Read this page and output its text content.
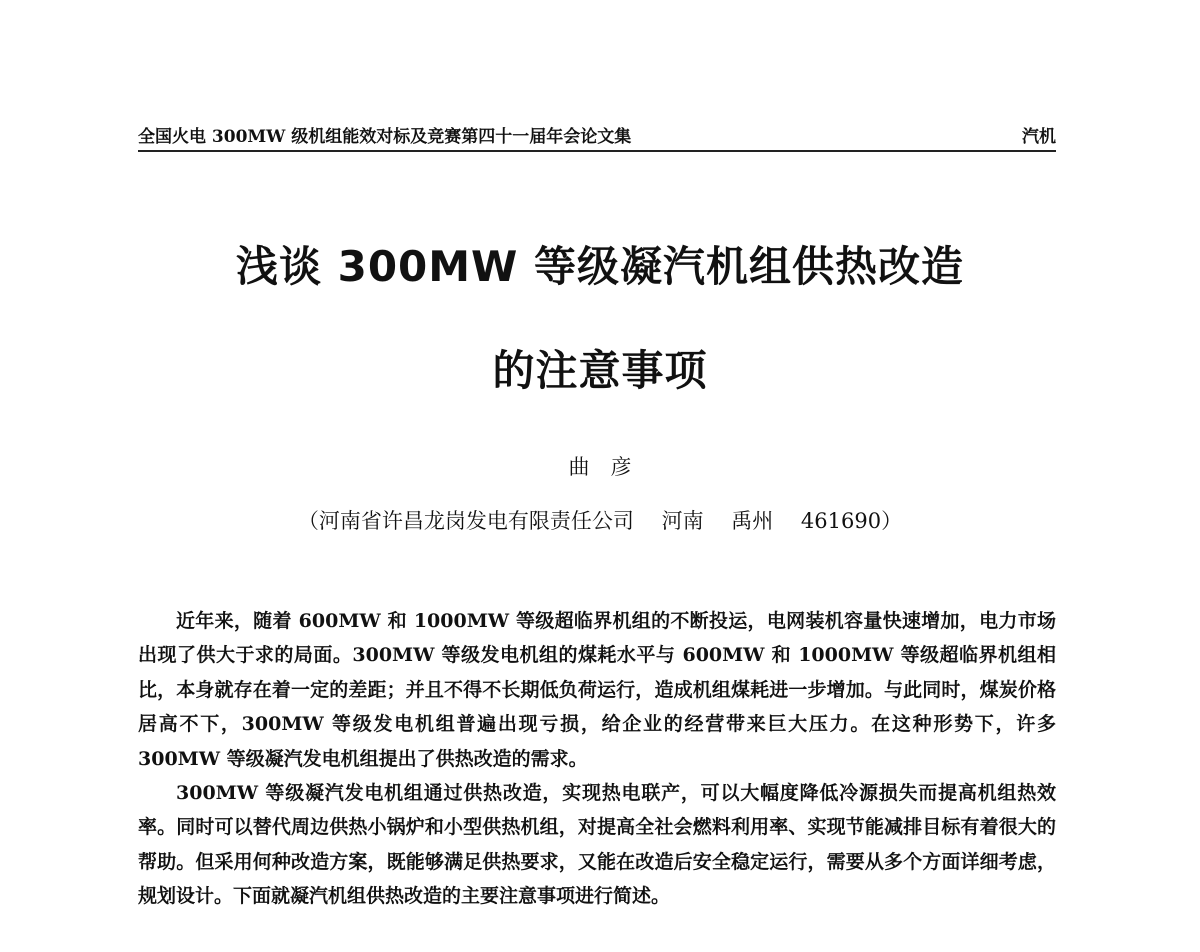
全国火电 300MW 级机组能效对标及竞赛第四十一届年会论文集	汽机
浅谈 300MW 等级凝汽机组供热改造
的注意事项
曲　彦
（河南省许昌龙岗发电有限责任公司　 河南　 禹州　 461690）

近年来，随着 600MW 和 1000MW 等级超临界机组的不断投运，电网装机容量快速增加，电力市场出现了供大于求的局面。300MW 等级发电机组的煤耗水平与 600MW 和 1000MW 等级超临界机组相比，本身就存在着一定的差距；并且不得不长期低负荷运行，造成机组煤耗进一步增加。与此同时，煤炭价格居高不下，300MW 等级发电机组普遍出现亏损，给企业的经营带来巨大压力。在这种形势下，许多 300MW 等级凝汽发电机组提出了供热改造的需求。

300MW 等级凝汽发电机组通过供热改造，实现热电联产，可以大幅度降低冷源损失而提高机组热效率。同时可以替代周边供热小锅炉和小型供热机组，对提高全社会燃料利用率、实现节能减排目标有着很大的帮助。但采用何种改造方案，既能够满足供热要求，又能在改造后安全稳定运行，需要从多个方面详细考虑，规划设计。下面就凝汽机组供热改造的主要注意事项进行简述。
